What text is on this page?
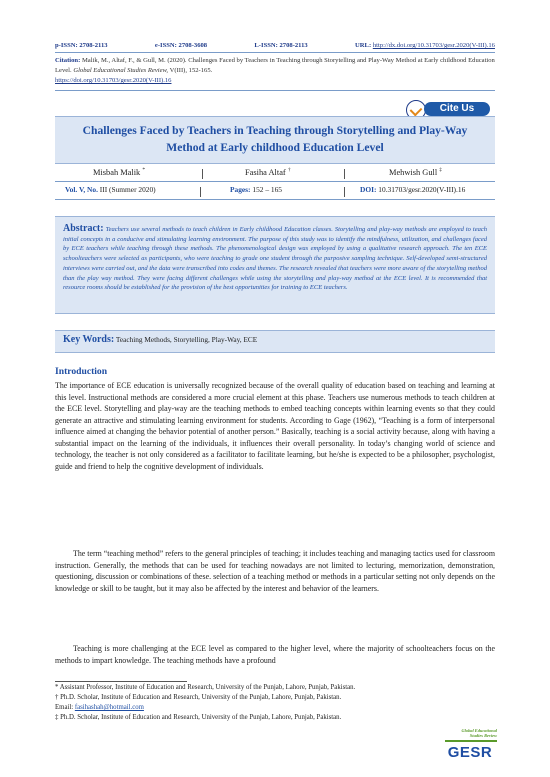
p-ISSN: 2708-2113	e-ISSN: 2708-3608	L-ISSN: 2708-2113	URL: http://dx.doi.org/10.31703/gesr.2020(V-III).16
Citation: Malik, M., Altaf, F., & Gull, M. (2020). Challenges Faced by Teachers in Teaching through Storytelling and Play-Way Method at Early childhood Education Level. Global Educational Studies Review, V(III), 152-165.
https://doi.org/10.31703/gesr.2020(V-III).16
Cite Us
Challenges Faced by Teachers in Teaching through Storytelling and Play-Way Method at Early childhood Education Level
Misbah Malik *	Fasiha Altaf †	Mehwish Gull ‡
Vol. V, No. III (Summer 2020)	Pages: 152 – 165	DOI: 10.31703/gesr.2020(V-III).16
Abstract: Teachers use several methods to teach children in Early childhood Education classes. Storytelling and play-way methods are employed to teach initial concepts in a conducive and stimulating learning environment. The purpose of this study was to identify the mindfulness, utilization, and challenges faced by ECE teachers while teaching through these methods. The phenomenological design was employed by using a qualitative research approach. The ten ECE schoolteachers were selected as participants, who were teaching to grade one student through the purposive sampling technique. Self-developed semi-structured interviews were carried out, and the data were transcribed into codes and themes. The research revealed that teachers were more aware of the storytelling method than the play way method. They were facing different challenges while using the storytelling and play-way method at the ECE level. It is recommended that resource rooms should be established for the provision of the best opportunities for training to ECE teachers.
Key Words: Teaching Methods, Storytelling, Play-Way, ECE
Introduction
The importance of ECE education is universally recognized because of the overall quality of education based on teaching and learning at this level. Instructional methods are considered a more crucial element at this phase. Teachers use numerous methods to teach children at the ECE level. Storytelling and play-way are the teaching methods to embed teaching concepts within learning events so that they could generate an attractive and stimulating learning environment for students. According to Gage (1962), “Teaching is a form of interpersonal influence aimed at changing the behavior potential of another person.” Basically, teaching is a social activity because, along with having a substantial impact on the learning of the individuals, it influences their overall personality. In today’s changing world of science and technology, the teacher is not only considered as a facilitator to facilitate learning, but he/she is expected to be a philosopher, psychologist, guide and friend to help the cognitive development of individuals.
The term “teaching method” refers to the general principles of teaching; it includes teaching and managing tactics used for classroom instruction. Generally, the methods that can be used for teaching nowadays are not limited to lecturing, memorization, demonstration, questioning, discussion or combinations of these. selection of a teaching method or methods in a particular setting not only depends on the knowledge or skill to be taught, but it may also be affected by the interest and behavior of the learners.
Teaching is more challenging at the ECE level as compared to the higher level, where the majority of schoolteachers focus on the methods to impart knowledge. The teaching methods have a profound
* Assistant Professor, Institute of Education and Research, University of the Punjab, Lahore, Punjab, Pakistan.
† Ph.D. Scholar, Institute of Education and Research, University of the Punjab, Lahore, Punjab, Pakistan.
Email: fasihashah@hotmail.com
‡ Ph.D. Scholar, Institute of Education and Research, University of the Punjab, Lahore, Punjab, Pakistan.
Global Educational
Studies Review
GESR
